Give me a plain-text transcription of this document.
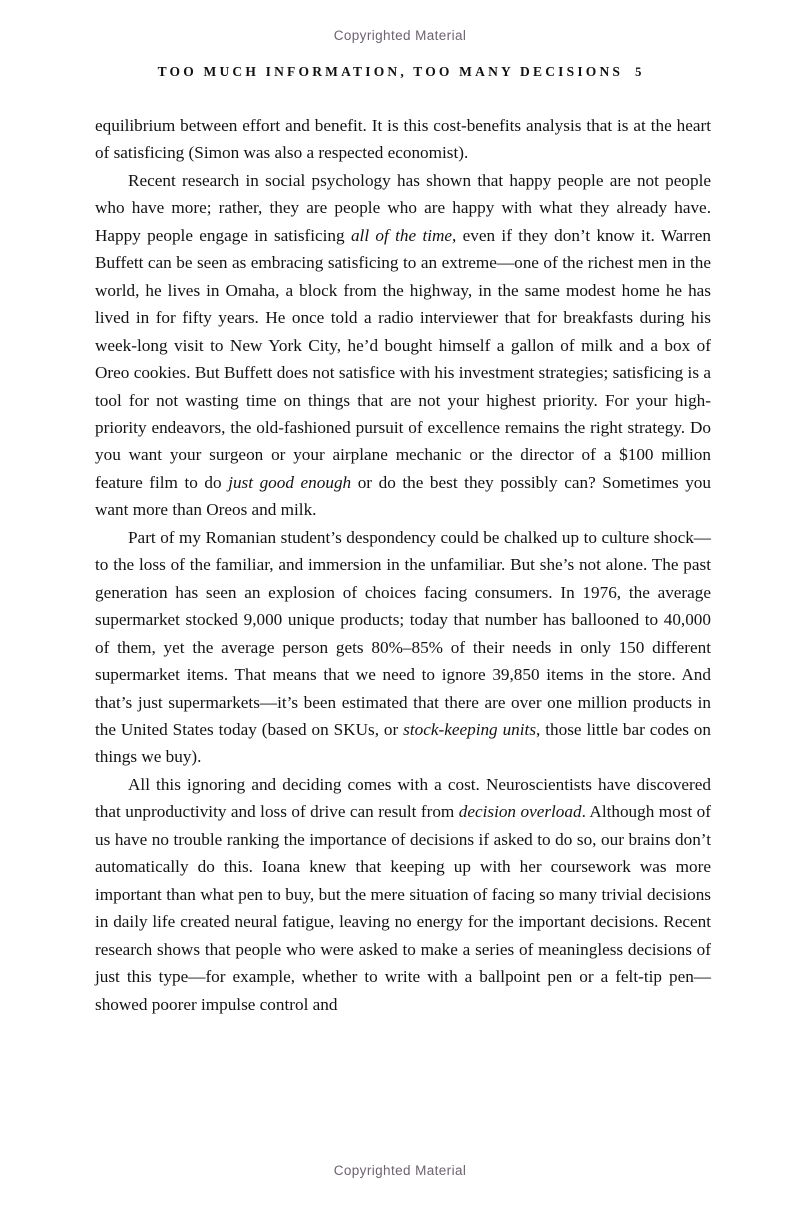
Copyrighted Material
TOO MUCH INFORMATION, TOO MANY DECISIONS 5

equilibrium between effort and benefit. It is this cost-benefits analysis that is at the heart of satisficing (Simon was also a respected economist).

Recent research in social psychology has shown that happy people are not people who have more; rather, they are people who are happy with what they already have. Happy people engage in satisficing all of the time, even if they don’t know it. Warren Buffett can be seen as embracing satisficing to an extreme—one of the richest men in the world, he lives in Omaha, a block from the highway, in the same modest home he has lived in for fifty years. He once told a radio interviewer that for breakfasts during his week-long visit to New York City, he’d bought himself a gallon of milk and a box of Oreo cookies. But Buffett does not satisfice with his investment strategies; satisficing is a tool for not wasting time on things that are not your highest priority. For your high-priority endeavors, the old-fashioned pursuit of excellence remains the right strategy. Do you want your surgeon or your airplane mechanic or the director of a $100 million feature film to do just good enough or do the best they possibly can? Sometimes you want more than Oreos and milk.

Part of my Romanian student’s despondency could be chalked up to culture shock—to the loss of the familiar, and immersion in the unfamiliar. But she’s not alone. The past generation has seen an explosion of choices facing consumers. In 1976, the average supermarket stocked 9,000 unique products; today that number has ballooned to 40,000 of them, yet the average person gets 80%–85% of their needs in only 150 different supermarket items. That means that we need to ignore 39,850 items in the store. And that’s just supermarkets—it’s been estimated that there are over one million products in the United States today (based on SKUs, or stock-keeping units, those little bar codes on things we buy).

All this ignoring and deciding comes with a cost. Neuroscientists have discovered that unproductivity and loss of drive can result from decision overload. Although most of us have no trouble ranking the importance of decisions if asked to do so, our brains don’t automatically do this. Ioana knew that keeping up with her coursework was more important than what pen to buy, but the mere situation of facing so many trivial decisions in daily life created neural fatigue, leaving no energy for the important decisions. Recent research shows that people who were asked to make a series of meaningless decisions of just this type—for example, whether to write with a ballpoint pen or a felt-tip pen—showed poorer impulse control and

Copyrighted Material
